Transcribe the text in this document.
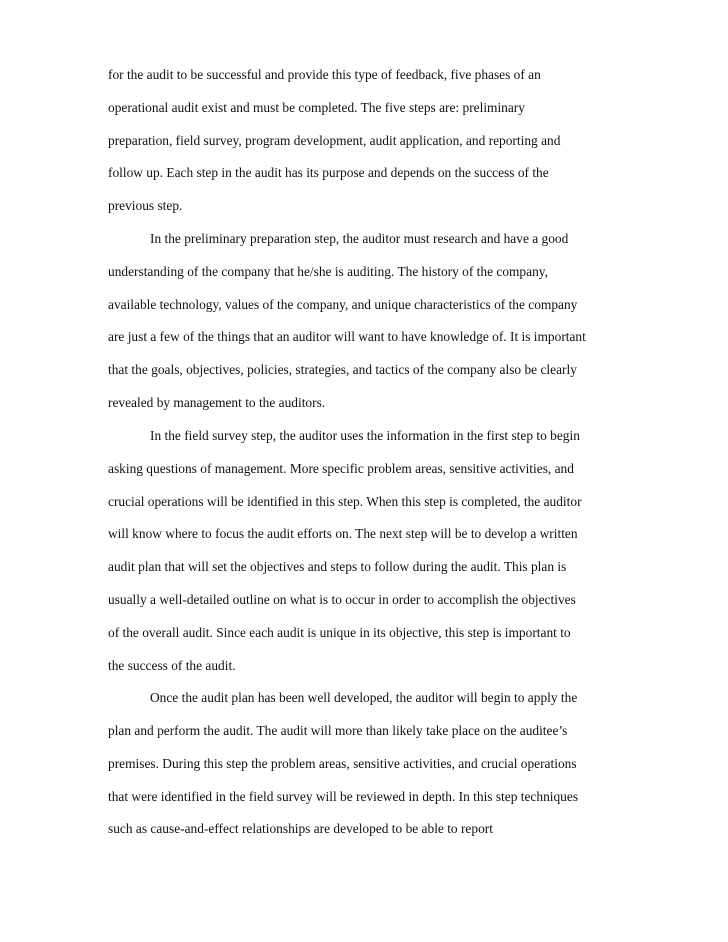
for the audit to be successful and provide this type of feedback, five phases of an
operational audit exist and must be completed. The five steps are: preliminary
preparation, field survey, program development, audit application, and reporting and
follow up. Each step in the audit has its purpose and depends on the success of the
previous step.
In the preliminary preparation step, the auditor must research and have a good
understanding of the company that he/she is auditing. The history of the company,
available technology, values of the company, and unique characteristics of the company
are just a few of the things that an auditor will want to have knowledge of. It is important
that the goals, objectives, policies, strategies, and tactics of the company also be clearly
revealed by management to the auditors.
In the field survey step, the auditor uses the information in the first step to begin
asking questions of management. More specific problem areas, sensitive activities, and
crucial operations will be identified in this step. When this step is completed, the auditor
will know where to focus the audit efforts on. The next step will be to develop a written
audit plan that will set the objectives and steps to follow during the audit. This plan is
usually a well-detailed outline on what is to occur in order to accomplish the objectives
of the overall audit. Since each audit is unique in its objective, this step is important to
the success of the audit.
Once the audit plan has been well developed, the auditor will begin to apply the
plan and perform the audit. The audit will more than likely take place on the auditee’s
premises. During this step the problem areas, sensitive activities, and crucial operations
that were identified in the field survey will be reviewed in depth. In this step techniques
such as cause-and-effect relationships are developed to be able to report
